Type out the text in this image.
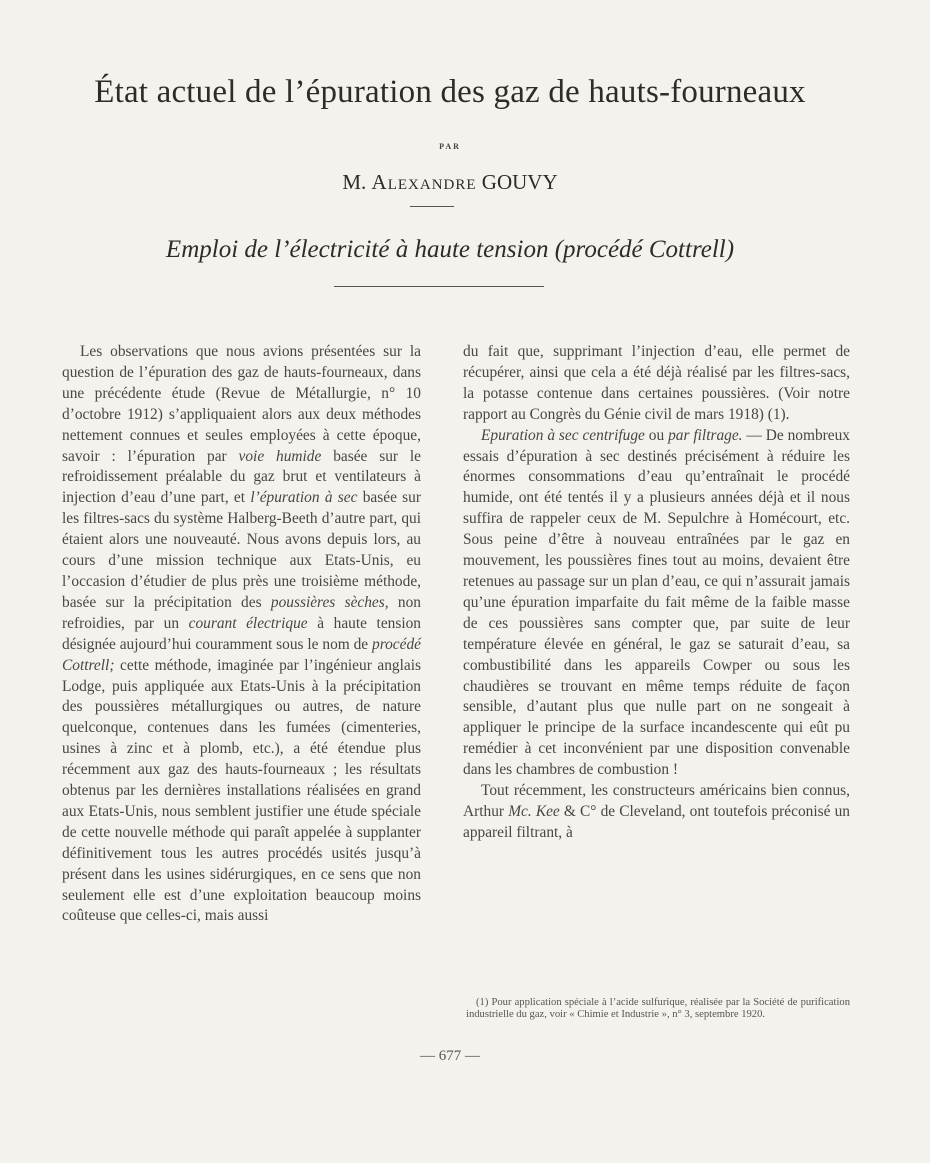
État actuel de l’épuration des gaz de hauts-fourneaux
PAR
M. Alexandre GOUVY
Emploi de l’électricité à haute tension (procédé Cottrell)

Les observations que nous avions présentées sur la question de l’épuration des gaz de hauts-fourneaux, dans une précédente étude (Revue de Métallurgie, n° 10 d’octobre 1912) s’appliquaient alors aux deux méthodes nettement connues et seules employées à cette époque, savoir : l’épuration par voie humide basée sur le refroidissement préalable du gaz brut et ventilateurs à injection d’eau d’une part, et l’épuration à sec basée sur les filtres-sacs du système Halberg-Beeth d’autre part, qui étaient alors une nouveauté. Nous avons depuis lors, au cours d’une mission technique aux Etats-Unis, eu l’occasion d’étudier de plus près une troisième méthode, basée sur la précipitation des poussières sèches, non refroidies, par un courant électrique à haute tension désignée aujourd’hui couramment sous le nom de procédé Cottrell; cette méthode, imaginée par l’ingénieur anglais Lodge, puis appliquée aux Etats-Unis à la précipitation des poussières métallurgiques ou autres, de nature quelconque, contenues dans les fumées (cimenteries, usines à zinc et à plomb, etc.), a été étendue plus récemment aux gaz des hauts-fourneaux ; les résultats obtenus par les dernières installations réalisées en grand aux Etats-Unis, nous semblent justifier une étude spéciale de cette nouvelle méthode qui paraît appelée à supplanter définitivement tous les autres procédés usités jusqu’à présent dans les usines sidérurgiques, en ce sens que non seulement elle est d’une exploitation beaucoup moins coûteuse que celles-ci, mais aussi

du fait que, supprimant l’injection d’eau, elle permet de récupérer, ainsi que cela a été déjà réalisé par les filtres-sacs, la potasse contenue dans certaines poussières. (Voir notre rapport au Congrès du Génie civil de mars 1918) (1).

Epuration à sec centrifuge ou par filtrage. — De nombreux essais d’épuration à sec destinés précisément à réduire les énormes consommations d’eau qu’entraînait le procédé humide, ont été tentés il y a plusieurs années déjà et il nous suffira de rappeler ceux de M. Sepulchre à Homécourt, etc. Sous peine d’être à nouveau entraînées par le gaz en mouvement, les poussières fines tout au moins, devaient être retenues au passage sur un plan d’eau, ce qui n’assurait jamais qu’une épuration imparfaite du fait même de la faible masse de ces poussières sans compter que, par suite de leur température élevée en général, le gaz se saturait d’eau, sa combustibilité dans les appareils Cowper ou sous les chaudières se trouvant en même temps réduite de façon sensible, d’autant plus que nulle part on ne songeait à appliquer le principe de la surface incandescente qui eût pu remédier à cet inconvénient par une disposition convenable dans les chambres de combustion !

Tout récemment, les constructeurs américains bien connus, Arthur Mc. Kee & C° de Cleveland, ont toutefois préconisé un appareil filtrant, à

(1) Pour application spéciale à l’acide sulfurique, réalisée par la Société de purification industrielle du gaz, voir « Chimie et Industrie », n° 3, septembre 1920.
— 677 —
